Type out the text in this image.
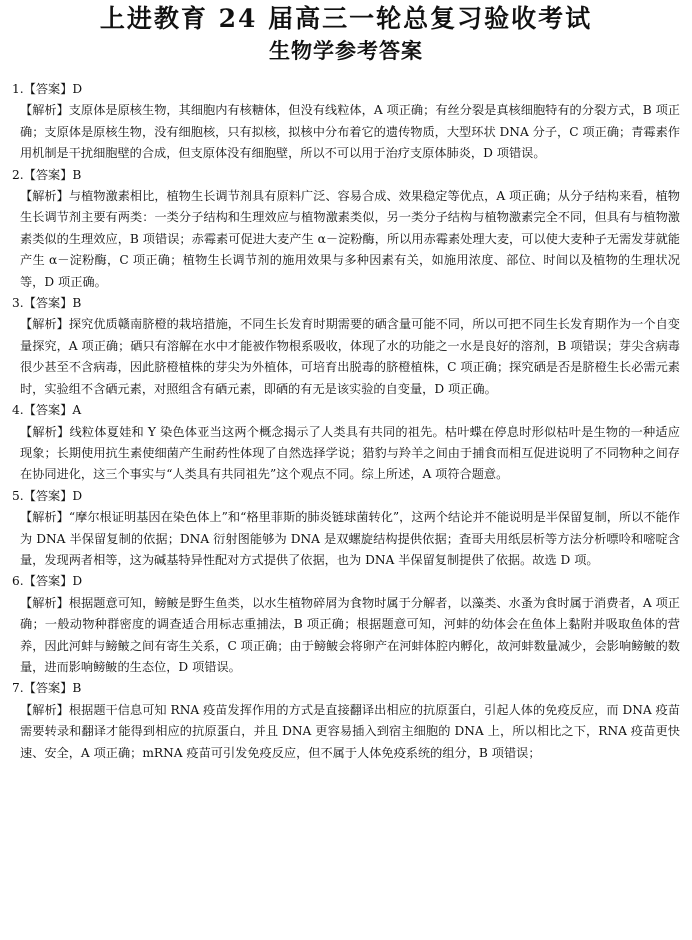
上进教育 24 届高三一轮总复习验收考试
生物学参考答案

1.【答案】D

【解析】支原体是原核生物，其细胞内有核糖体，但没有线粒体，A 项正确；有丝分裂是真核细胞特有的分裂方式，B 项正确；支原体是原核生物，没有细胞核，只有拟核，拟核中分布着它的遗传物质，大型环状 DNA 分子，C 项正确；青霉素作用机制是干扰细胞壁的合成，但支原体没有细胞壁，所以不可以用于治疗支原体肺炎，D 项错误。

2.【答案】B

【解析】与植物激素相比，植物生长调节剂具有原料广泛、容易合成、效果稳定等优点，A 项正确；从分子结构来看，植物生长调节剂主要有两类：一类分子结构和生理效应与植物激素类似，另一类分子结构与植物激素完全不同，但具有与植物激素类似的生理效应，B 项错误；赤霉素可促进大麦产生 α－淀粉酶，所以用赤霉素处理大麦，可以使大麦种子无需发芽就能产生 α－淀粉酶，C 项正确；植物生长调节剂的施用效果与多种因素有关，如施用浓度、部位、时间以及植物的生理状况等，D 项正确。

3.【答案】B

【解析】探究优质赣南脐橙的栽培措施，不同生长发育时期需要的硒含量可能不同，所以可把不同生长发育期作为一个自变量探究，A 项正确；硒只有溶解在水中才能被作物根系吸收，体现了水的功能之一水是良好的溶剂，B 项错误；芽尖含病毒很少甚至不含病毒，因此脐橙植株的芽尖为外植体，可培育出脱毒的脐橙植株，C 项正确；探究硒是否是脐橙生长必需元素时，实验组不含硒元素，对照组含有硒元素，即硒的有无是该实验的自变量，D 项正确。

4.【答案】A

【解析】线粒体夏娃和 Y 染色体亚当这两个概念揭示了人类具有共同的祖先。枯叶蝶在停息时形似枯叶是生物的一种适应现象；长期使用抗生素使细菌产生耐药性体现了自然选择学说；猎豹与羚羊之间由于捕食而相互促进说明了不同物种之间存在协同进化，这三个事实与“人类具有共同祖先”这个观点不同。综上所述，A 项符合题意。

5.【答案】D

【解析】“摩尔根证明基因在染色体上”和“格里菲斯的肺炎链球菌转化”，这两个结论并不能说明是半保留复制，所以不能作为 DNA 半保留复制的依据；DNA 衍射图能够为 DNA 是双螺旋结构提供依据；査哥夫用纸层析等方法分析嘌呤和嘧啶含量，发现两者相等，这为碱基特异性配对方式提供了依据，也为 DNA 半保留复制提供了依据。故选 D 项。

6.【答案】D

【解析】根据题意可知，鳑鲏是野生鱼类，以水生植物碎屑为食物时属于分解者，以藻类、水蚤为食时属于消费者，A 项正确；一般动物种群密度的调查适合用标志重捕法，B 项正确；根据题意可知，河蚌的幼体会在鱼体上黏附并吸取鱼体的营养，因此河蚌与鳑鲏之间有寄生关系，C 项正确；由于鳑鲏会将卵产在河蚌体腔内孵化，故河蚌数量减少，会影响鳑鲏的数量，进而影响鳑鲏的生态位，D 项错误。

7.【答案】B

【解析】根据题干信息可知 RNA 疫苗发挥作用的方式是直接翻译出相应的抗原蛋白，引起人体的免疫反应，而 DNA 疫苗需要转录和翻译才能得到相应的抗原蛋白，并且 DNA 更容易插入到宿主细胞的 DNA 上，所以相比之下，RNA 疫苗更快速、安全，A 项正确；mRNA 疫苗可引发免疫反应，但不属于人体免疫系统的组分，B 项错误；
